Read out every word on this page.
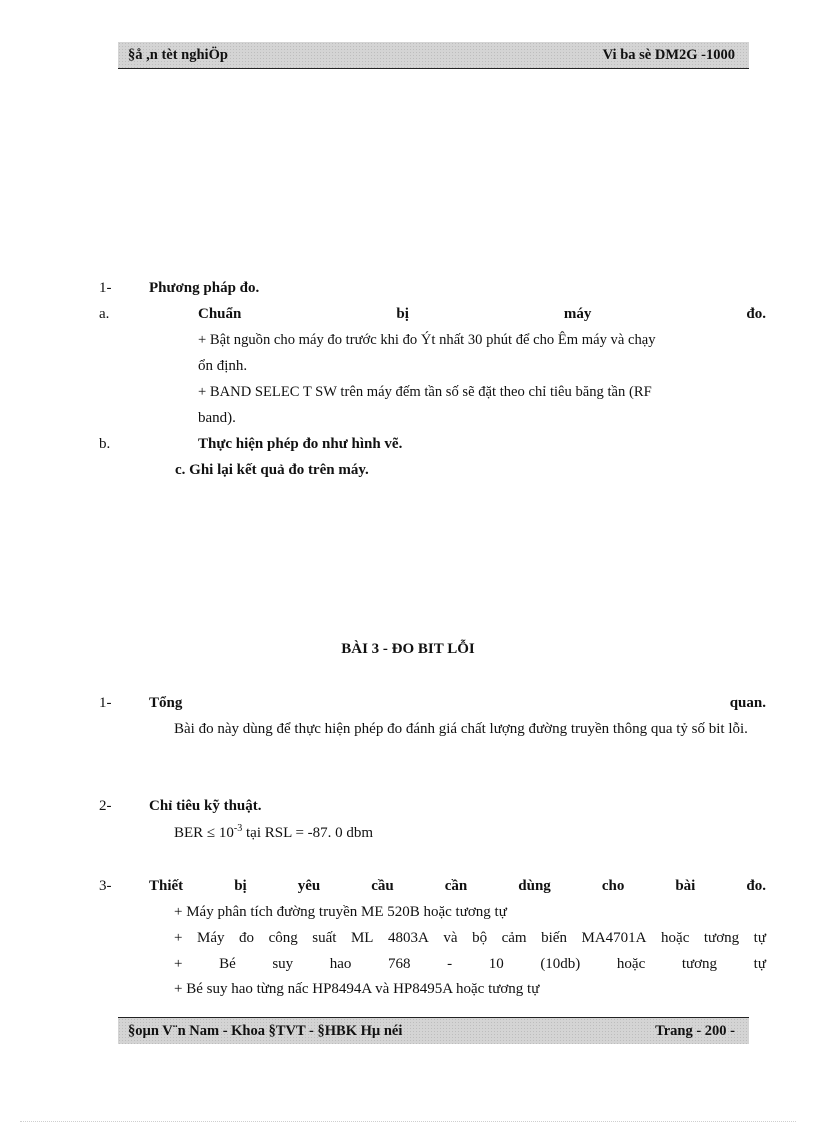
§å ,n tèt nghiÖp	Vi ba sè DM2G -1000
1-	Phương pháp đo.
a.	Chuẩn	bị	máy	đo.
+ Bật nguồn cho máy đo trước khi đo Ýt nhất 30 phút để cho Êm máy và chạy
ổn định.
+ BAND SELEC T SW trên máy đếm tần số sẽ đặt theo chỉ tiêu băng tần (RF
band).
b.	Thực hiện phép đo như hình vẽ.
c. Ghi lại kết quả đo trên máy.
BÀI 3 - ĐO BIT LỖI
1-	Tổng	quan.
Bài đo này dùng để thực hiện phép đo đánh giá chất lượng đường truyền thông qua tỷ số bit lỗi.
2-	Chỉ tiêu kỹ thuật.
BER ≤ $10^{-3}$ tại RSL = -87. 0 dbm
3-	Thiết	bị	yêu	cầu	cần	dùng	cho	bài	đo.
+ Máy phân tích đường truyền ME 520B hoặc tương tự
+ Máy đo công suất ML 4803A và bộ cảm biến MA4701A hoặc tương tự
+ Bé suy hao 768 - 10 (10db) hoặc tương tự
+ Bé suy hao từng nấc HP8494A và HP8495A hoặc tương tự
§oµn V¨n Nam - Khoa §TVT - §HBK Hµ néi	Trang - 200 -
